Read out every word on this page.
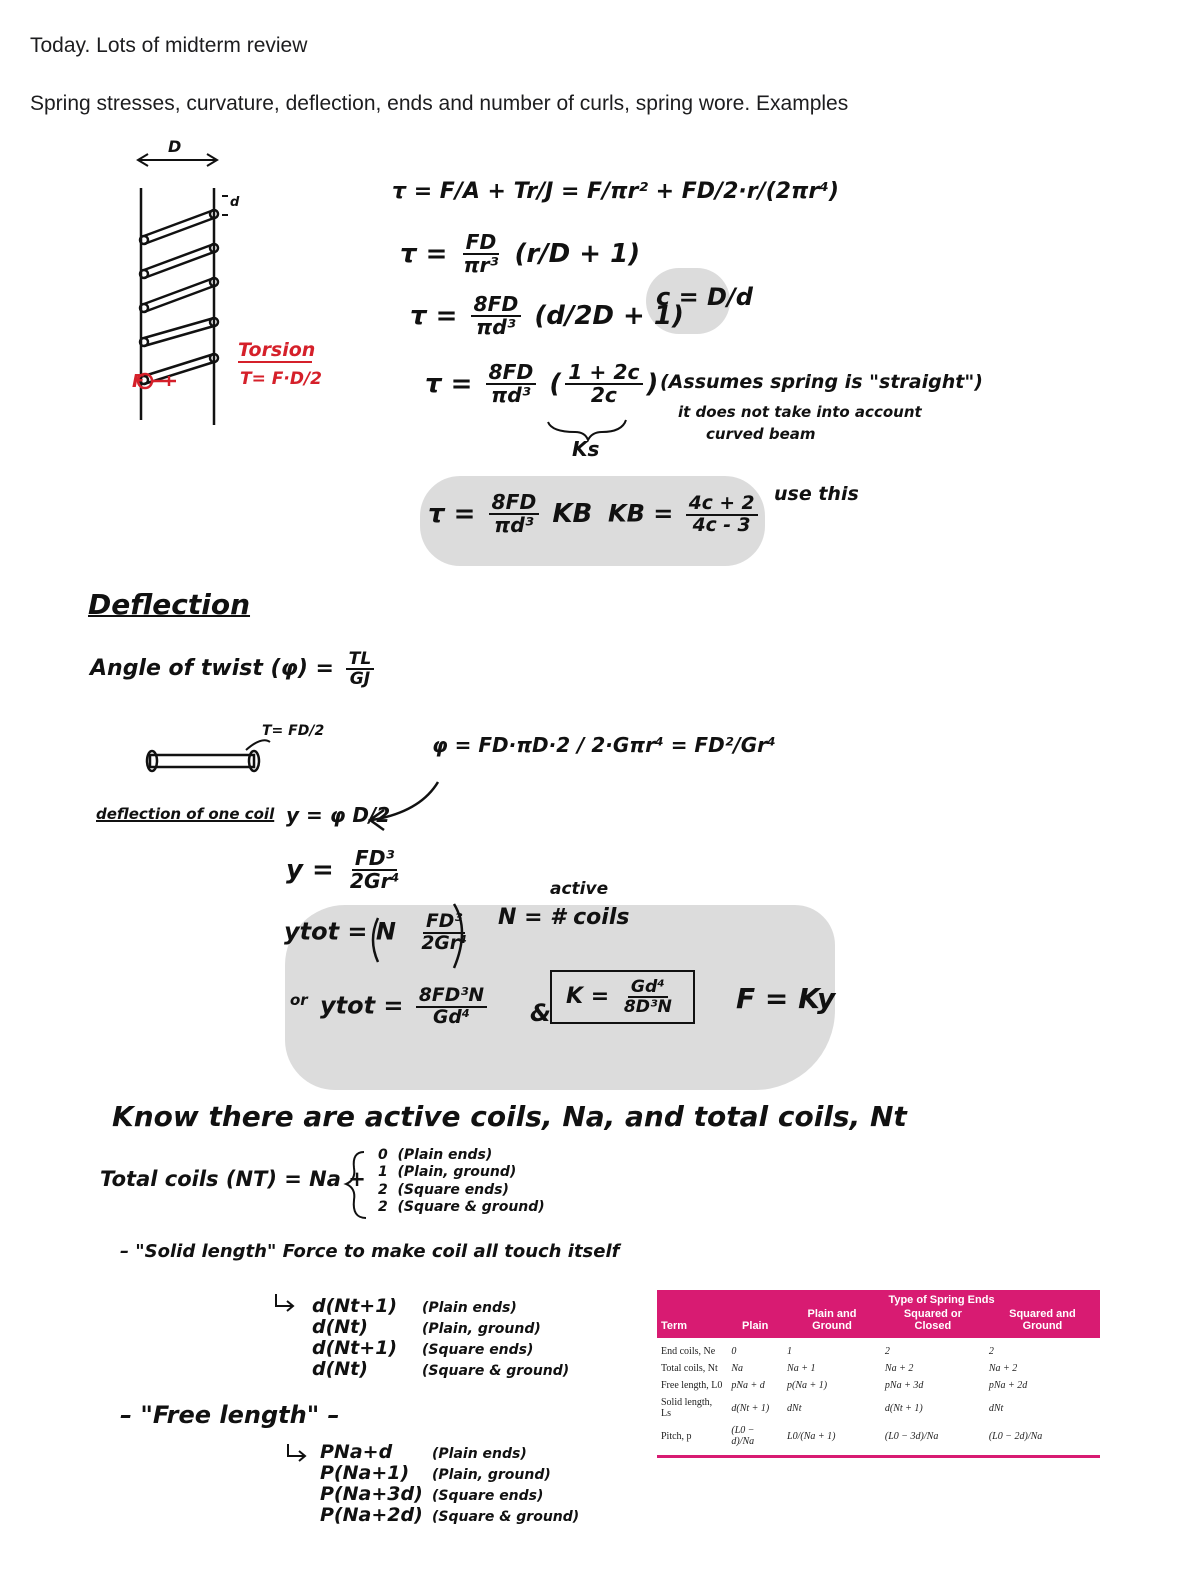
Today. Lots of midterm review
Spring stresses, curvature, deflection, ends and number of curls, spring wore. Examples
D
d
F
Torsion
T= F·D/2
τ = F/A + Tr/J = F/πr² + FD/2·r/(2πr⁴)
$\tau = \frac{FD}{\text{πr³}} (r/D + 1)$
$\tau = \frac{8FD}{\text{πd³}} (d/2D + 1)$
c = D/d
$\tau = \frac{8FD}{\text{πd³}}$ ( $\frac{1 + 2c}{2c}$ )
Ks
(Assumes spring is "straight")
it does not take into account
curved beam
$\tau = \frac{8FD}{\text{πd³}}$ KB KB = $\frac{4c + 2}{4c - 3}$ use this
Deflection
Angle of twist $(\varphi) = \frac{TL}{GJ}$
T= FD/2
φ = FD·πD·2 / 2·Gπr⁴ = FD²/Gr⁴
deflection of one coil y = φ D/2
$y = \frac{\text{FD³}}{\text{2Gr⁴}}$
ytot = N $\frac{\text{FD³}}{\text{2Gr⁴}}$
active
N = # coils
or ytot = $\frac{\text{8FD³N}}{\text{Gd⁴}}$ &
$K = \frac{\text{Gd⁴}}{\text{8D³N}}$ F = Ky
Know there are active coils, Na, and total coils, Nt
Total coils (NT) = Na +
0 (Plain ends)
1 (Plain, ground)
2 (Square ends)
2 (Square & ground)
– "Solid length" Force to make coil all touch itself
d(Nt+1) (Plain ends)
d(Nt)	(Plain, ground)
d(Nt+1) (Square ends)
d(Nt)	(Square & ground)
– "Free length" –
PNa+d	(Plain ends)
P(Na+1) (Plain, ground)
P(Na+3d) (Square ends)
P(Na+2d) (Square & ground)
		Type of Spring Ends		
Term	Plain	Plain and Ground	Squared or Closed	Squared and Ground
End coils, Ne	0	1	2	2
Total coils, Nt	Na	Na + 1	Na + 2	Na + 2
Free length, L0	pNa + d	p(Na + 1)	pNa + 3d	pNa + 2d
Solid length, Ls	d(Nt + 1)	dNt	d(Nt + 1)	dNt
Pitch, p	(L0 − d)/Na	L0/(Na + 1)	(L0 − 3d)/Na	(L0 − 2d)/Na
